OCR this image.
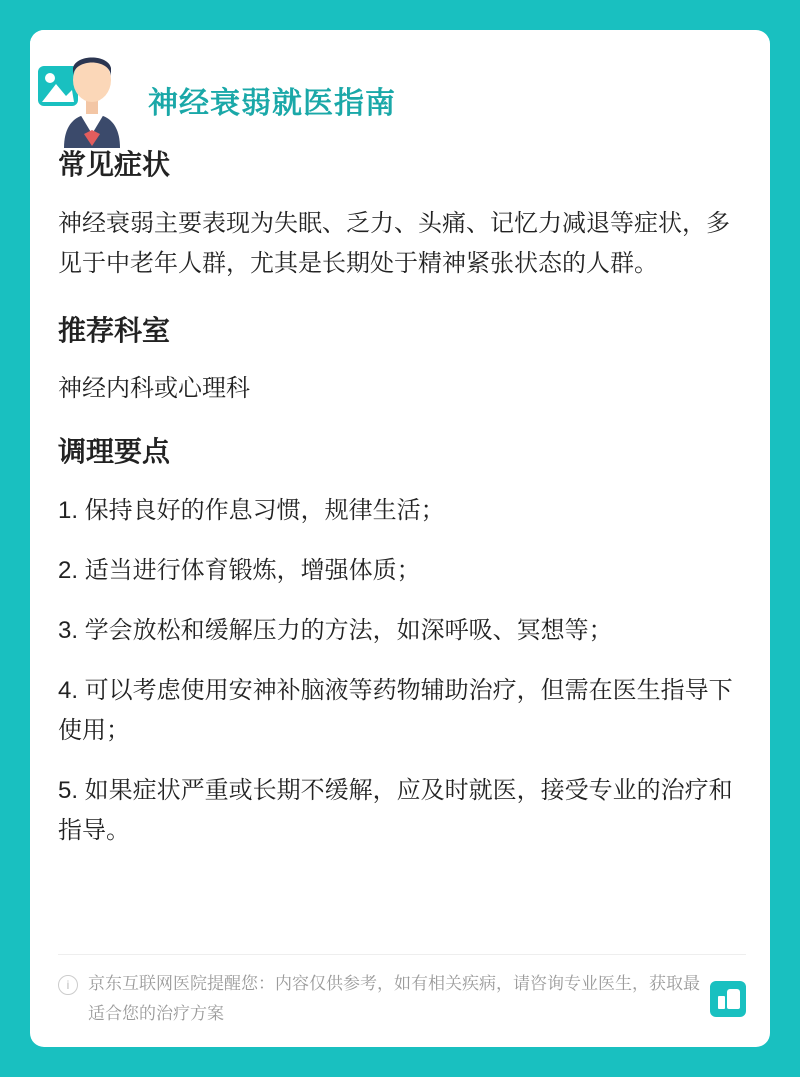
神经衰弱就医指南
常见症状

神经衰弱主要表现为失眠、乏力、头痛、记忆力减退等症状，多见于中老年人群，尤其是长期处于精神紧张状态的人群。

推荐科室

神经内科或心理科

调理要点
1. 保持良好的作息习惯，规律生活；
2. 适当进行体育锻炼，增强体质；
3. 学会放松和缓解压力的方法，如深呼吸、冥想等；
4. 可以考虑使用安神补脑液等药物辅助治疗，但需在医生指导下使用；
5. 如果症状严重或长期不缓解，应及时就医，接受专业的治疗和指导。
i	京东互联网医院提醒您：内容仅供参考，如有相关疾病，请咨询专业医生，获取最适合您的治疗方案
